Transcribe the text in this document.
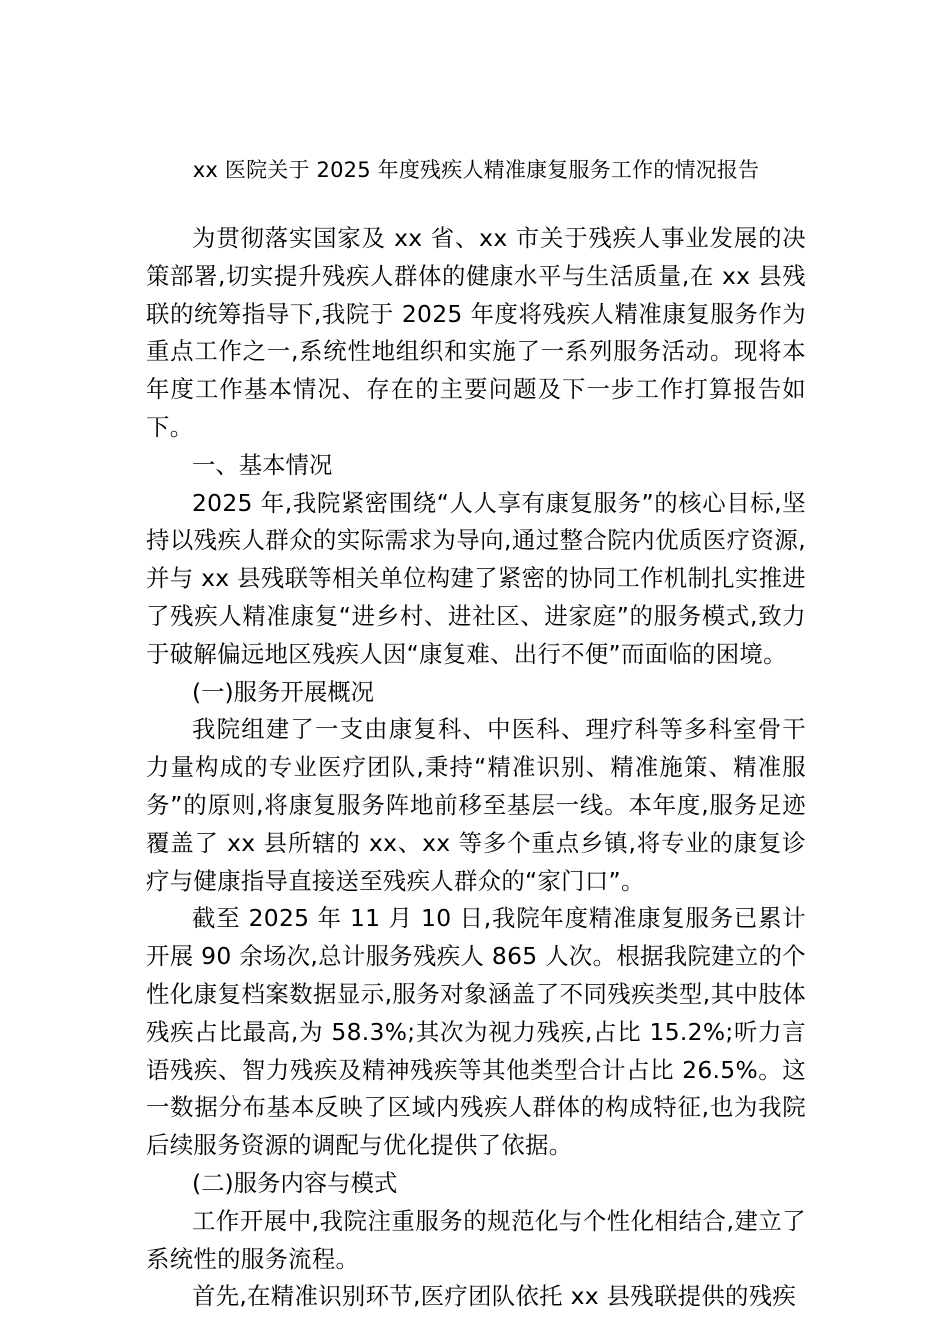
xx 医院关于 2025 年度残疾人精准康复服务工作的情况报告

为贯彻落实国家及 xx 省、xx 市关于残疾人事业发展的决策部署,切实提升残疾人群体的健康水平与生活质量,在 xx 县残联的统筹指导下,我院于 2025 年度将残疾人精准康复服务作为重点工作之一,系统性地组织和实施了一系列服务活动。现将本年度工作基本情况、存在的主要问题及下一步工作打算报告如下。

一、基本情况

2025 年,我院紧密围绕“人人享有康复服务”的核心目标,坚持以残疾人群众的实际需求为导向,通过整合院内优质医疗资源,并与 xx 县残联等相关单位构建了紧密的协同工作机制扎实推进了残疾人精准康复“进乡村、进社区、进家庭”的服务模式,致力于破解偏远地区残疾人因“康复难、出行不便”而面临的困境。

(一)服务开展概况

我院组建了一支由康复科、中医科、理疗科等多科室骨干力量构成的专业医疗团队,秉持“精准识别、精准施策、精准服务”的原则,将康复服务阵地前移至基层一线。本年度,服务足迹覆盖了 xx 县所辖的 xx、xx 等多个重点乡镇,将专业的康复诊疗与健康指导直接送至残疾人群众的“家门口”。

截至 2025 年 11 月 10 日,我院年度精准康复服务已累计开展 90 余场次,总计服务残疾人 865 人次。根据我院建立的个性化康复档案数据显示,服务对象涵盖了不同残疾类型,其中肢体残疾占比最高,为 58.3%;其次为视力残疾,占比 15.2%;听力言语残疾、智力残疾及精神残疾等其他类型合计占比 26.5%。这一数据分布基本反映了区域内残疾人群体的构成特征,也为我院后续服务资源的调配与优化提供了依据。

(二)服务内容与模式

工作开展中,我院注重服务的规范化与个性化相结合,建立了系统性的服务流程。

首先,在精准识别环节,医疗团队依托 xx 县残联提供的残疾
